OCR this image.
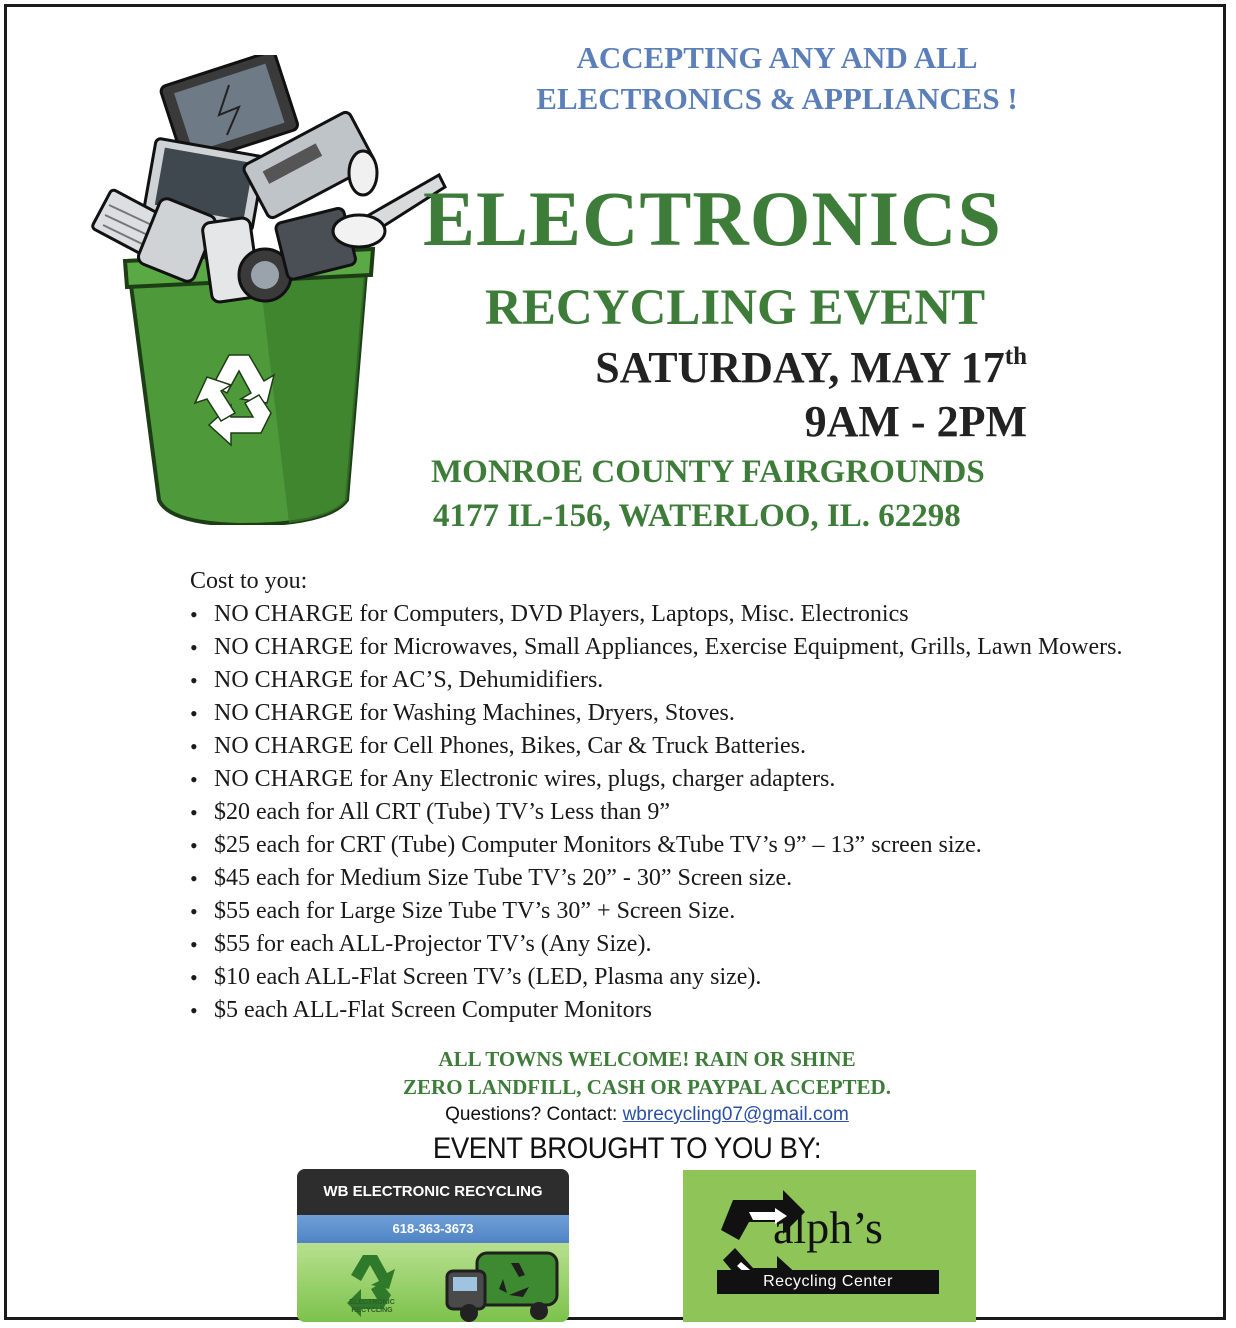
ACCEPTING ANY AND ALL
ELECTRONICS & APPLIANCES !
ELECTRONICS
RECYCLING EVENT
SATURDAY, MAY 17th
9AM - 2PM
MONROE COUNTY FAIRGROUNDS
4177 IL-156, WATERLOO, IL. 62298
Cost to you:
• NO CHARGE for Computers, DVD Players, Laptops, Misc. Electronics
• NO CHARGE for Microwaves, Small Appliances, Exercise Equipment, Grills, Lawn Mowers.
• NO CHARGE for AC’S, Dehumidifiers.
• NO CHARGE for Washing Machines, Dryers, Stoves.
• NO CHARGE for Cell Phones, Bikes, Car & Truck Batteries.
• NO CHARGE for Any Electronic wires, plugs, charger adapters.
• $20 each for All CRT (Tube) TV’s Less than 9”
• $25 each for CRT (Tube) Computer Monitors &Tube TV’s 9” – 13” screen size.
• $45 each for Medium Size Tube TV’s 20” - 30” Screen size.
• $55 each for Large Size Tube TV’s 30” + Screen Size.
• $55 for each ALL-Projector TV’s (Any Size).
• $10 each ALL-Flat Screen TV’s (LED, Plasma any size).
• $5 each ALL-Flat Screen Computer Monitors
ALL TOWNS WELCOME! RAIN OR SHINE
ZERO LANDFILL, CASH OR PAYPAL ACCEPTED.
Questions? Contact: wbrecycling07@gmail.com
EVENT BROUGHT TO YOU BY:
WB ELECTRONIC RECYCLING
618-363-3673
ELECTRONIC RECYCLING
alph’s
Recycling Center
